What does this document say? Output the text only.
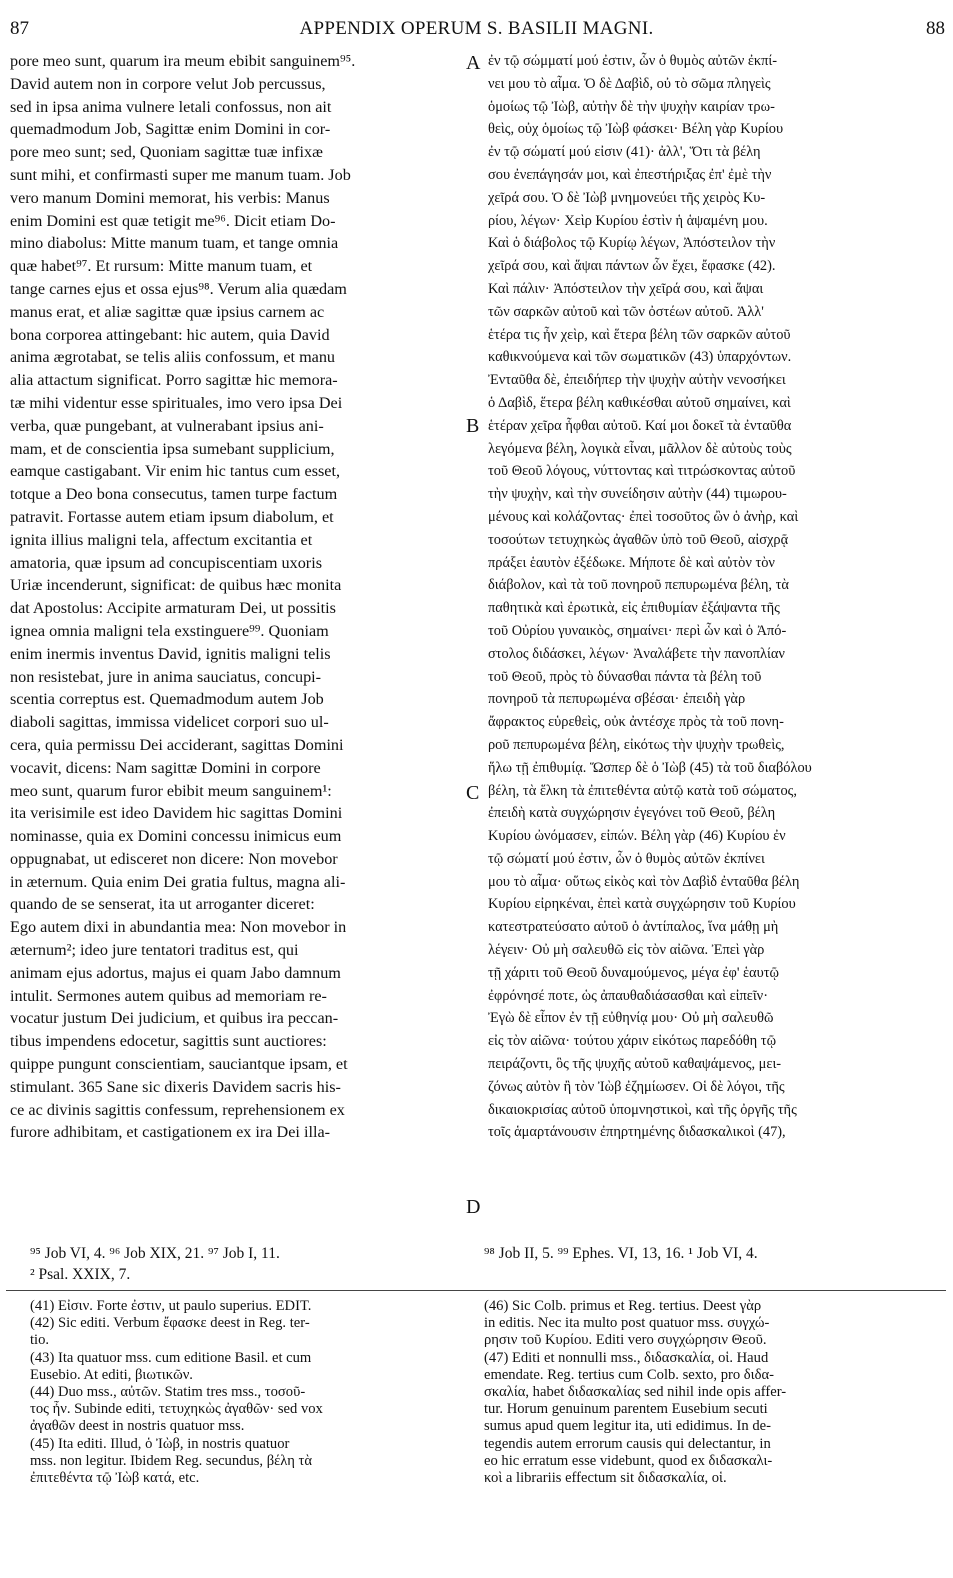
APPENDIX OPERUM S. BASILII MAGNI.
87	88
pore meo sunt, quarum ira meum ebibit sanguinem⁹⁵.
David autem non in corpore velut Job percussus,
sed in ipsa anima vulnere letali confossus, non ait
quemadmodum Job, Sagittæ enim Domini in cor-
pore meo sunt; sed, Quoniam sagittæ tuæ infixæ
sunt mihi, et confirmasti super me manum tuam. Job
vero manum Domini memorat, his verbis: Manus
enim Domini est quæ tetigit me⁹⁶. Dicit etiam Do-
mino diabolus: Mitte manum tuam, et tange omnia
quæ habet⁹⁷. Et rursum: Mitte manum tuam, et
tange carnes ejus et ossa ejus⁹⁸. Verum alia quædam
manus erat, et aliæ sagittæ quæ ipsius carnem ac
bona corporea attingebant: hic autem, quia David
anima ægrotabat, se telis aliis confossum, et manu
alia attactum significat. Porro sagittæ hic memora-
tæ mihi videntur esse spirituales, imo vero ipsa Dei
verba, quæ pungebant, at vulnerabant ipsius ani-
mam, et de conscientia ipsa sumebant supplicium,
eamque castigabant. Vir enim hic tantus cum esset,
totque a Deo bona consecutus, tamen turpe factum
patravit. Fortasse autem etiam ipsum diabolum, et
ignita illius maligni tela, affectum excitantia et
amatoria, quæ ipsum ad concupiscentiam uxoris
Uriæ incenderunt, significat: de quibus hæc monita
dat Apostolus: Accipite armaturam Dei, ut possitis
ignea omnia maligni tela exstinguere⁹⁹. Quoniam
enim inermis inventus David, ignitis maligni telis
non resistebat, jure in anima sauciatus, concupi-
scentia correptus est. Quemadmodum autem Job
diaboli sagittas, immissa videlicet corpori suo ul-
cera, quia permissu Dei acciderant, sagittas Domini
vocavit, dicens: Nam sagittæ Domini in corpore
meo sunt, quarum furor ebibit meum sanguinem¹:
ita verisimile est ideo Davidem hic sagittas Domini
nominasse, quia ex Domini concessu inimicus eum
oppugnabat, ut edisceret non dicere: Non movebor
in æternum. Quia enim Dei gratia fultus, magna ali-
quando de se senserat, ita ut arroganter diceret:
Ego autem dixi in abundantia mea: Non movebor in
æternum²; ideo jure tentatori traditus est, qui
animam ejus adortus, majus ei quam Jabo damnum
intulit. Sermones autem quibus ad memoriam re-
vocatur justum Dei judicium, et quibus ira peccan-
tibus impendens edocetur, sagittis sunt auctiores:
quippe pungunt conscientiam, sauciantque ipsam, et
stimulant. 365 Sane sic dixeris Davidem sacris his-
ce ac divinis sagittis confessum, reprehensionem ex
furore adhibitam, et castigationem ex ira Dei illa-
ἐν τῷ σώμματί μού ἐστιν, ὧν ὁ θυμὸς αὐτῶν ἐκπί-
νει μου τὸ αἷμα. Ὁ δὲ Δαβὶδ, οὐ τὸ σῶμα πληγεὶς
ὁμοίως τῷ Ἰὼβ, αὐτὴν δὲ τὴν ψυχὴν καιρίαν τρω-
θεὶς, οὐχ ὁμοίως τῷ Ἰὼβ φάσκει· Βέλη γὰρ Κυρίου
ἐν τῷ σώματί μού εἰσιν (41)· ἀλλ', Ὅτι τὰ βέλη
σου ἐνεπάγησάν μοι, καὶ ἐπεστήριξας ἐπ' ἐμὲ τὴν
χεῖρά σου. Ὁ δὲ Ἰὼβ μνημονεύει τῆς χειρὸς Κυ-
ρίου, λέγων· Χεὶρ Κυρίου ἐστὶν ἡ ἁψαμένη μου.
Καὶ ὁ διάβολος τῷ Κυρίῳ λέγων, Ἀπόστειλον τὴν
χεῖρά σου, καὶ ἅψαι πάντων ὧν ἔχει, ἔφασκε (42).
Καὶ πάλιν· Ἀπόστειλον τὴν χεῖρά σου, καὶ ἅψαι
τῶν σαρκῶν αὐτοῦ καὶ τῶν ὀστέων αὐτοῦ. Ἀλλ'
ἑτέρα τις ἦν χεὶρ, καὶ ἕτερα βέλη τῶν σαρκῶν αὐτοῦ
καθικνούμενα καὶ τῶν σωματικῶν (43) ὑπαρχόντων.
Ἐνταῦθα δὲ, ἐπειδήπερ τὴν ψυχὴν αὐτὴν νενοσήκει
ὁ Δαβὶδ, ἕτερα βέλη καθικέσθαι αὐτοῦ σημαίνει, καὶ
ἑτέραν χεῖρα ἧφθαι αὐτοῦ. Καί μοι δοκεῖ τὰ ἐνταῦθα
λεγόμενα βέλη, λογικὰ εἶναι, μᾶλλον δὲ αὐτοὺς τοὺς
τοῦ Θεοῦ λόγους, νύττοντας καὶ τιτρώσκοντας αὐτοῦ
τὴν ψυχὴν, καὶ τὴν συνείδησιν αὐτὴν (44) τιμωρου-
μένους καὶ κολάζοντας· ἐπεὶ τοσοῦτος ὢν ὁ ἀνὴρ, καὶ
τοσούτων τετυχηκὼς ἀγαθῶν ὑπὸ τοῦ Θεοῦ, αἰσχρᾷ
πράξει ἑαυτὸν ἐξέδωκε. Μήποτε δὲ καὶ αὐτὸν τὸν
διάβολον, καὶ τὰ τοῦ πονηροῦ πεπυρωμένα βέλη, τὰ
παθητικὰ καὶ ἐρωτικὰ, εἰς ἐπιθυμίαν ἐξάψαντα τῆς
τοῦ Οὐρίου γυναικὸς, σημαίνει· περὶ ὧν καὶ ὁ Ἀπό-
στολος διδάσκει, λέγων· Ἀναλάβετε τὴν πανοπλίαν
τοῦ Θεοῦ, πρὸς τὸ δύνασθαι πάντα τὰ βέλη τοῦ
πονηροῦ τὰ πεπυρωμένα σβέσαι· ἐπειδὴ γὰρ
ἄφρακτος εὑρεθεὶς, οὐκ ἀντέσχε πρὸς τὰ τοῦ πονη-
ροῦ πεπυρωμένα βέλη, εἰκότως τὴν ψυχὴν τρωθεὶς,
ἥλω τῇ ἐπιθυμίᾳ. Ὥσπερ δὲ ὁ Ἰὼβ (45) τὰ τοῦ διαβόλου
βέλη, τὰ ἕλκη τὰ ἐπιτεθέντα αὐτῷ κατὰ τοῦ σώματος,
ἐπειδὴ κατὰ συγχώρησιν ἐγεγόνει τοῦ Θεοῦ, βέλη
Κυρίου ὠνόμασεν, εἰπών. Βέλη γὰρ (46) Κυρίου ἐν
τῷ σώματί μού ἐστιν, ὧν ὁ θυμὸς αὐτῶν ἐκπίνει
μου τὸ αἷμα· οὕτως εἰκὸς καὶ τὸν Δαβὶδ ἐνταῦθα βέλη
Κυρίου εἰρηκέναι, ἐπεὶ κατὰ συγχώρησιν τοῦ Κυρίου
κατεστρατεύσατο αὐτοῦ ὁ ἀντίπαλος, ἵνα μάθῃ μὴ
λέγειν· Οὐ μὴ σαλευθῶ εἰς τὸν αἰῶνα. Ἐπεὶ γὰρ
τῇ χάριτι τοῦ Θεοῦ δυναμούμενος, μέγα ἐφ' ἑαυτῷ
ἐφρόνησέ ποτε, ὡς ἀπαυθαδιάσασθαι καὶ εἰπεῖν·
Ἐγὼ δὲ εἶπον ἐν τῇ εὐθηνίᾳ μου· Οὐ μὴ σαλευθῶ
εἰς τὸν αἰῶνα· τούτου χάριν εἰκότως παρεδόθη τῷ
πειράζοντι, ὃς τῆς ψυχῆς αὐτοῦ καθαψάμενος, μει-
ζόνως αὐτὸν ἢ τὸν Ἰὼβ ἐζημίωσεν. Οἱ δὲ λόγοι, τῆς
δικαιοκρισίας αὐτοῦ ὑπομνηστικοὶ, καὶ τῆς ὀργῆς τῆς
τοῖς ἁμαρτάνουσιν ἐπηρτημένης διδασκαλικοὶ (47),
A
B
C
D
⁹⁵ Job VI, 4. ⁹⁶ Job XIX, 21. ⁹⁷ Job I, 11.
² Psal. XXIX, 7.
⁹⁸ Job II, 5. ⁹⁹ Ephes. VI, 13, 16. ¹ Job VI, 4.
(41) Εἰσιν. Forte ἐστιν, ut paulo superius. EDIT.
(42) Sic editi. Verbum ἔφασκε deest in Reg. ter-
tio.
(43) Ita quatuor mss. cum editione Basil. et cum
Eusebio. At editi, βιωτικῶν.
(44) Duo mss., αὐτῶν. Statim tres mss., τοσοῦ-
τος ἦν. Subinde editi, τετυχηκὼς ἀγαθῶν· sed vox
ἀγαθῶν deest in nostris quatuor mss.
(45) Ita editi. Illud, ὁ Ἰὼβ, in nostris quatuor
mss. non legitur. Ibidem Reg. secundus, βέλη τὰ
ἐπιτεθέντα τῷ Ἰὼβ κατά, etc.
(46) Sic Colb. primus et Reg. tertius. Deest γὰρ
in editis. Nec ita multo post quatuor mss. συγχώ-
ρησιν τοῦ Κυρίου. Editi vero συγχώρησιν Θεοῦ.
(47) Editi et nonnulli mss., διδασκαλία, οἱ. Haud
emendate. Reg. tertius cum Colb. sexto, pro διδα-
σκαλία, habet διδασκαλίας sed nihil inde opis affer-
tur. Horum genuinum parentem Eusebium secuti
sumus apud quem legitur ita, uti edidimus. In de-
tegendis autem errorum causis qui delectantur, in
eo hic erratum esse videbunt, quod ex διδασκαλι-
κοὶ a librariis effectum sit διδασκαλία, οἱ.
